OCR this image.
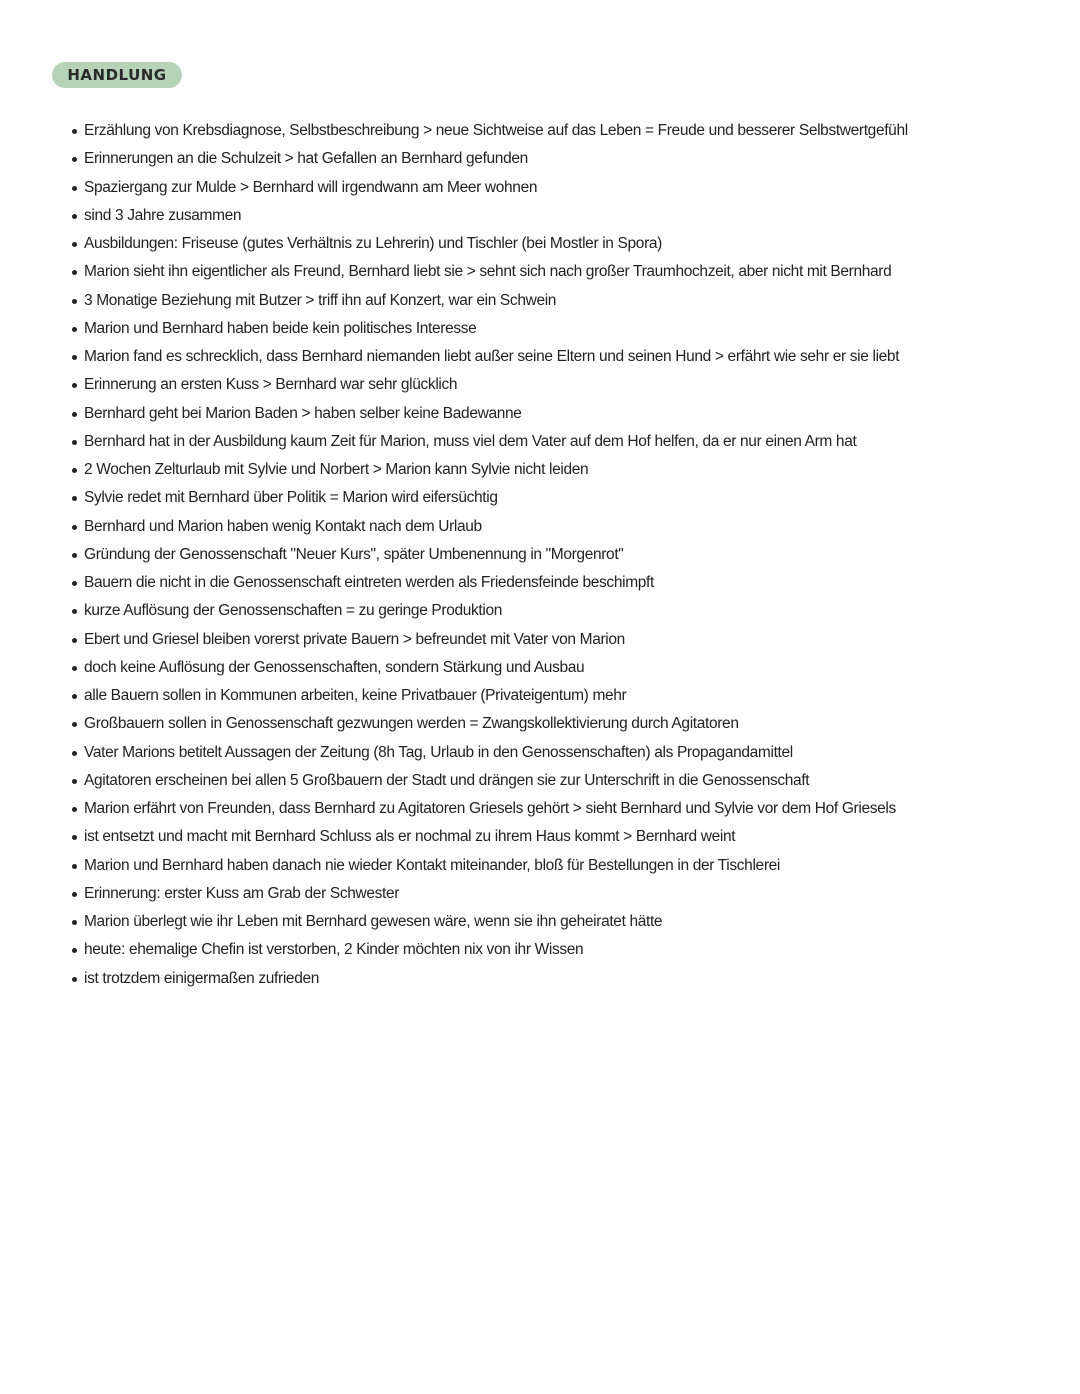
HANDLUNG
Erzählung von Krebsdiagnose, Selbstbeschreibung > neue Sichtweise auf das Leben = Freude und besserer Selbstwertgefühl
Erinnerungen an die Schulzeit > hat Gefallen an Bernhard gefunden
Spaziergang zur Mulde > Bernhard will irgendwann am Meer wohnen
sind 3 Jahre zusammen
Ausbildungen: Friseuse (gutes Verhältnis zu Lehrerin) und Tischler (bei Mostler in Spora)
Marion sieht ihn eigentlicher als Freund, Bernhard liebt sie > sehnt sich nach großer Traumhochzeit, aber nicht mit Bernhard
3 Monatige Beziehung mit Butzer > triff ihn auf Konzert, war ein Schwein
Marion und Bernhard haben beide kein politisches Interesse
Marion fand es schrecklich, dass Bernhard niemanden liebt außer seine Eltern und seinen Hund > erfährt wie sehr er sie liebt
Erinnerung an ersten Kuss > Bernhard war sehr glücklich
Bernhard geht bei Marion Baden > haben selber keine Badewanne
Bernhard hat in der Ausbildung kaum Zeit für Marion, muss viel dem Vater auf dem Hof helfen, da er nur einen Arm hat
2 Wochen Zelturlaub mit Sylvie und Norbert > Marion kann Sylvie nicht leiden
Sylvie redet mit Bernhard über Politik = Marion wird eifersüchtig
Bernhard und Marion haben wenig Kontakt nach dem Urlaub
Gründung der Genossenschaft "Neuer Kurs", später Umbenennung in "Morgenrot"
Bauern die nicht in die Genossenschaft eintreten werden als Friedensfeinde beschimpft
kurze Auflösung der Genossenschaften = zu geringe Produktion
Ebert und Griesel bleiben vorerst private Bauern > befreundet mit Vater von Marion
doch keine Auflösung der Genossenschaften, sondern Stärkung und Ausbau
alle Bauern sollen in Kommunen arbeiten, keine Privatbauer (Privateigentum) mehr
Großbauern sollen in Genossenschaft gezwungen werden = Zwangskollektivierung durch Agitatoren
Vater Marions betitelt Aussagen der Zeitung (8h Tag, Urlaub in den Genossenschaften) als Propagandamittel
Agitatoren erscheinen bei allen 5 Großbauern der Stadt und drängen sie zur Unterschrift in die Genossenschaft
Marion erfährt von Freunden, dass Bernhard zu Agitatoren Griesels gehört > sieht Bernhard und Sylvie vor dem Hof Griesels
ist entsetzt und macht mit Bernhard Schluss als er nochmal zu ihrem Haus kommt > Bernhard weint
Marion und Bernhard haben danach nie wieder Kontakt miteinander, bloß für Bestellungen in der Tischlerei
Erinnerung: erster Kuss am Grab der Schwester
Marion überlegt wie ihr Leben mit Bernhard gewesen wäre, wenn sie ihn geheiratet hätte
heute: ehemalige Chefin ist verstorben, 2 Kinder möchten nix von ihr Wissen
ist trotzdem einigermaßen zufrieden
